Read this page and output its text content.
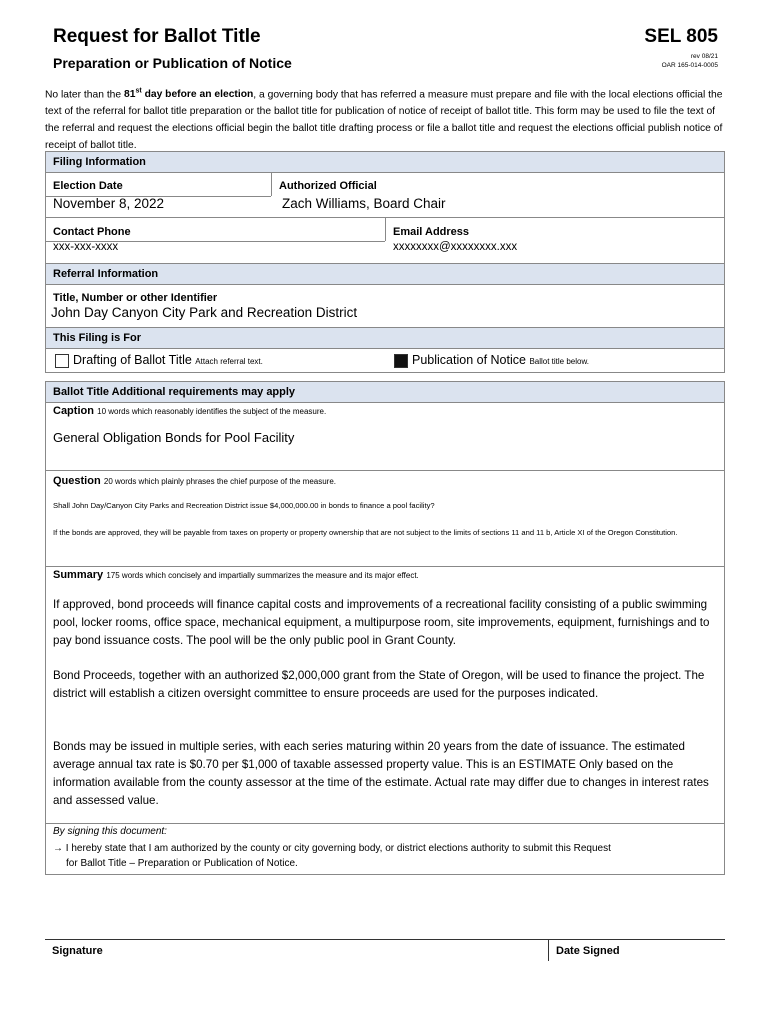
Request for Ballot Title
Preparation or Publication of Notice
SEL 805
rev 08/21
OAR 165-014-0005
No later than the 81st day before an election, a governing body that has referred a measure must prepare and file with the local elections official the text of the referral for ballot title preparation or the ballot title for publication of notice of receipt of ballot title. This form may be used to file the text of the referral and request the elections official begin the ballot title drafting process or file a ballot title and request the elections official publish notice of receipt of ballot title.
Filing Information
Election Date
November 8, 2022
Authorized Official
Zach Williams, Board Chair
Contact Phone
xxx-xxx-xxxx
Email Address
xxxxxxxx@xxxxxxxx.xxx
Referral Information
Title, Number or other Identifier
John Day Canyon City Park and Recreation District
This Filing is For
Drafting of Ballot Title Attach referral text.	Publication of Notice Ballot title below.
Ballot Title Additional requirements may apply
Caption 10 words which reasonably identifies the subject of the measure.
General Obligation Bonds for Pool Facility
Question 20 words which plainly phrases the chief purpose of the measure.
Shall John Day/Canyon City Parks and Recreation District issue $4,000,000.00 in bonds to finance a pool facility?
If the bonds are approved, they will be payable from taxes on property or property ownership that are not subject to the limits of sections 11 and 11 b, Article XI of the Oregon Constitution.
Summary 175 words which concisely and impartially summarizes the measure and its major effect.
If approved, bond proceeds will finance capital costs and improvements of a recreational facility consisting of a public swimming pool, locker rooms, office space, mechanical equipment, a multipurpose room, site improvements, equipment, furnishings and to pay bond issuance costs. The pool will be the only public pool in Grant County.
Bond Proceeds, together with an authorized $2,000,000 grant from the State of Oregon, will be used to finance the project. The district will establish a citizen oversight committee to ensure proceeds are used for the purposes indicated.
Bonds may be issued in multiple series, with each series maturing within 20 years from the date of issuance. The estimated average annual tax rate is $0.70 per $1,000 of taxable assessed property value. This is an ESTIMATE Only based on the information available from the county assessor at the time of the estimate. Actual rate may differ due to changes in interest rates and assessed value.
By signing this document:
→ I hereby state that I am authorized by the county or city governing body, or district elections authority to submit this Request
for Ballot Title – Preparation or Publication of Notice.
Signature	Date Signed
